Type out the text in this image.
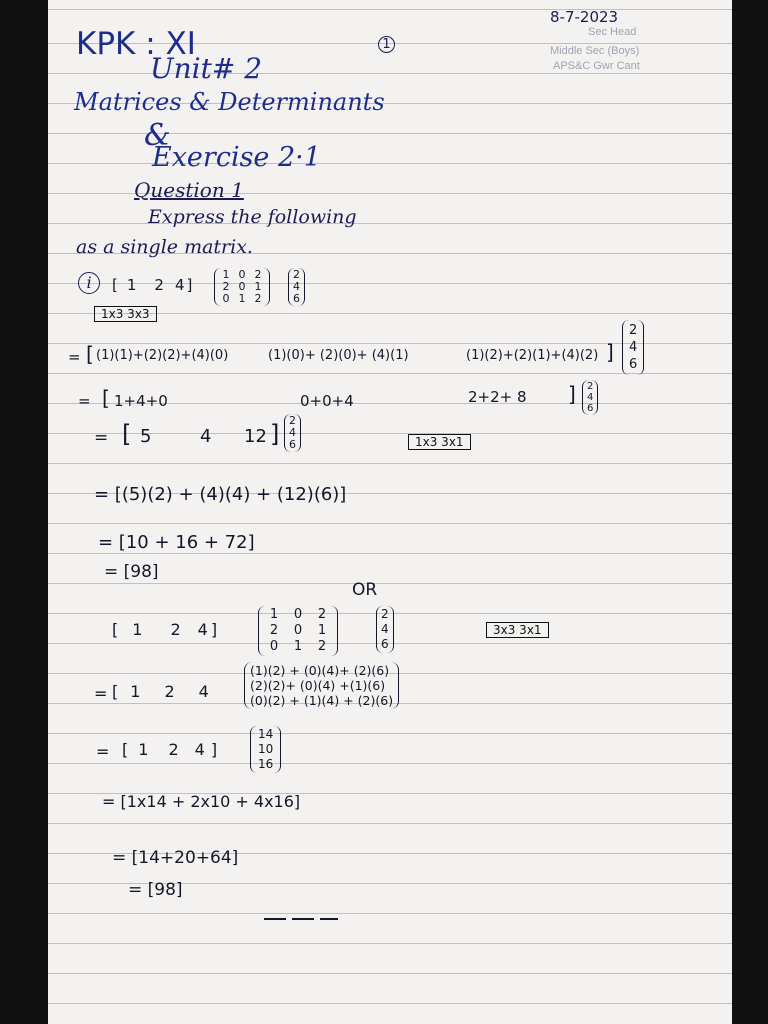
8-7-2023
Sec Head
Middle Sec (Boys)
APS&C Gwr Cant
KPK : XI	1
Unit# 2
Matrices & Determinants
&
Exercise 2·1
Question 1
Express the following
as a single matrix.
i	[ 1 2 4 ]
1 0 2
2 0 1
0 1 2
2
4
6
1x3 3x3
= [ (1)(1)+(2)(2)+(4)(0)	(1)(0)+ (2)(0)+ (4)(1)	(1)(2)+(2)(1)+(4)(2) ]
2
4
6
= [ 1+4+0	0+0+4	2+2+ 8 ] 2
4
6
= [ 5	4 12 ] 2
4
6	1x3 3x1
= [(5)(2) + (4)(4) + (12)(6)]
= [10 + 16 + 72]
= [98]
OR
[ 1 2 4 ]
1	0	2
2	0	1
0	1	2
2
4
6
3x3 3x1
= [ 1 2 4
(1)(2) + (0)(4)+ (2)(6)
(2)(2)+ (0)(4) +(1)(6)
(0)(2) + (1)(4) + (2)(6)
= [ 1 2 4 ]
14
10
16
= [1x14 + 2x10 + 4x16]
= [14+20+64]
= [98]
